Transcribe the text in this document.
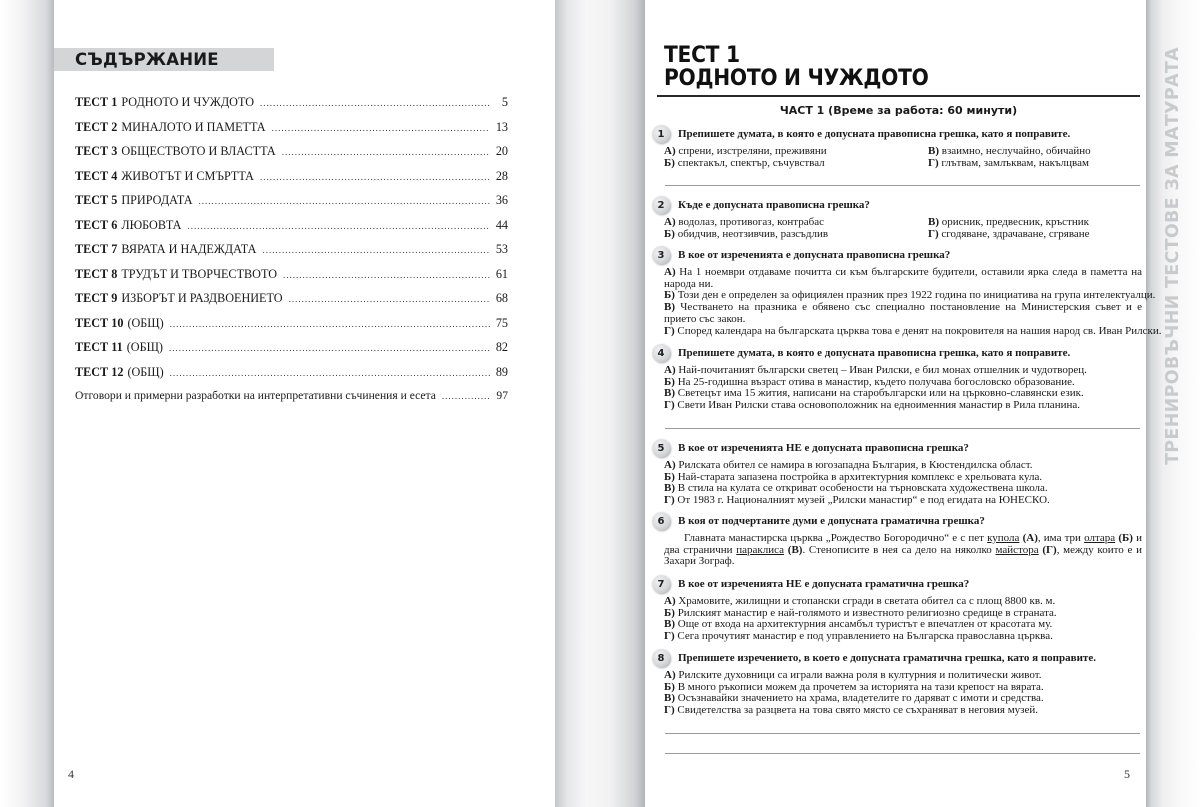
ТРЕНИРОВЪЧНИ ТЕСТОВЕ ЗА МАТУРАТА
СЪДЪРЖАНИЕ
ТЕСТ 1 РОДНОТО И ЧУЖДОТО .....	5
ТЕСТ 2 МИНАЛОТО И ПАМЕТТА .....	13
ТЕСТ 3 ОБЩЕСТВОТО И ВЛАСТТА .....	20
ТЕСТ 4 ЖИВОТЪТ И СМЪРТТА .....	28
ТЕСТ 5 ПРИРОДАТА .....	36
ТЕСТ 6 ЛЮБОВТА .....	44
ТЕСТ 7 ВЯРАТА И НАДЕЖДАТА .....	53
ТЕСТ 8 ТРУДЪТ И ТВОРЧЕСТВОТО .....	61
ТЕСТ 9 ИЗБОРЪТ И РАЗДВОЕНИЕТО .....	68
ТЕСТ 10 (ОБЩ) .....	75
ТЕСТ 11 (ОБЩ) .....	82
ТЕСТ 12 (ОБЩ) .....	89
Отговори и примерни разработки на интерпретативни съчинения и есета .....	97
4
ТЕСТ 1
РОДНОТО И ЧУЖДОТО
ЧАСТ 1 (Време за работа: 60 минути)
1	Препишете думата, в която е допусната правописна грешка, като я поправите.
А) спрени, изстреляни, преживяни	В) взаимно, неслучайно, обичайно
Б) спектакъл, спектър, съчувствал	Г) глътвам, замлъквам, накълцвам
2	Къде е допусната правописна грешка?
А) водолаз, противогаз, контрабас	В) орисник, предвесник, кръстник
Б) обидчив, неотзивчив, разсъдлив	Г) сгодяване, здрачаване, сгряване
3	В кое от изреченията е допусната правописна грешка?
А) На 1 ноември отдаваме почитта си към българските будители, оставили ярка следа в паметта на народа ни.
Б) Този ден е определен за официялен празник през 1922 година по инициатива на група интелектуалци.
В) Честването на празника е обявено със специално постановление на Министерския съвет и е прието със закон.
Г) Според календара на българската църква това е денят на покровителя на нашия народ св. Иван Рилски.
4	Препишете думата, в която е допусната правописна грешка, като я поправите.
А) Най-почитаният български светец – Иван Рилски, е бил монах отшелник и чудотворец.
Б) На 25-годишна възраст отива в манастир, където получава богословско образование.
В) Светецът има 15 жития, написани на старобългарски или на църковно-славянски език.
Г) Свети Иван Рилски става основоположник на едноименния манастир в Рила планина.
5	В кое от изреченията НЕ е допусната правописна грешка?
А) Рилската обител се намира в югозападна България, в Кюстендилска област.
Б) Най-старата запазена постройка в архитектурния комплекс е хрельовата кула.
В) В стила на кулата се откриват особености на търновската художествена школа.
Г) От 1983 г. Националният музей „Рилски манастир“ е под егидата на ЮНЕСКО.
6	В коя от подчертаните думи е допусната граматична грешка?
Главната манастирска църква „Рождество Богородично“ е с пет купола (А), има три олтара (Б) и два странични параклиса (В). Стенописите в нея са дело на няколко майстора (Г), между които е и Захари Зограф.
7	В кое от изреченията НЕ е допусната граматична грешка?
А) Храмовите, жилищни и стопански сгради в светата обител са с площ 8800 кв. м.
Б) Рилският манастир е най-голямото и известното религиозно средище в страната.
В) Още от входа на архитектурния ансамбъл туристът е впечатлен от красотата му.
Г) Сега прочутият манастир е под управлението на Българска православна църква.
8	Препишете изречението, в което е допусната граматична грешка, като я поправите.
А) Рилските духовници са играли важна роля в културния и политически живот.
Б) В много ръкописи можем да прочетем за историята на тази крепост на вярата.
В) Осъзнавайки значението на храма, владетелите го даряват с имоти и средства.
Г) Свидетелства за разцвета на това свято място се съхраняват в неговия музей.
5
